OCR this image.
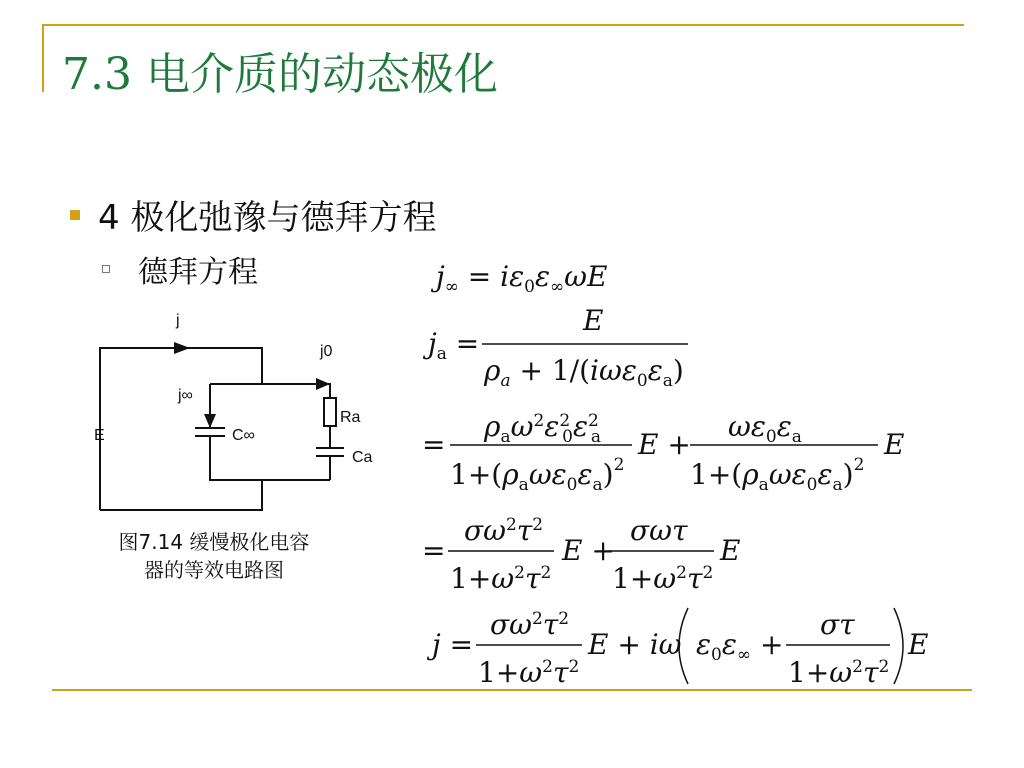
7.3 电介质的动态极化
4 极化弛豫与德拜方程
德拜方程
j
j0
j∞
E	C∞
Ra
Ca
图7.14 缓慢极化电容
器的等效电路图
$j_\infty = i\varepsilon_0\varepsilon_\infty\omega E$
$j_a$ =
E
$\rho_a + 1/(i\omega\varepsilon_0\varepsilon_a)$
=
$\rho_a\omega^2\varepsilon^2$ $0\varepsilon^2$ a
$1+(\rho_a\omega\varepsilon_0\varepsilon_a)^2$
E +
$\omega\varepsilon_0\varepsilon_a$
$1+(\rho_a\omega\varepsilon_0\varepsilon_a)^2$
E
=
$\sigma\omega^2\tau^2$
$1+\omega^2\tau^2$
E +
σωτ
$1+\omega^2\tau^2$
E
j =
$\sigma\omega^2\tau^2$
$1+\omega^2\tau^2$
E + iω $\varepsilon_0\varepsilon_\infty$ +
στ
$1+\omega^2\tau^2$
E
